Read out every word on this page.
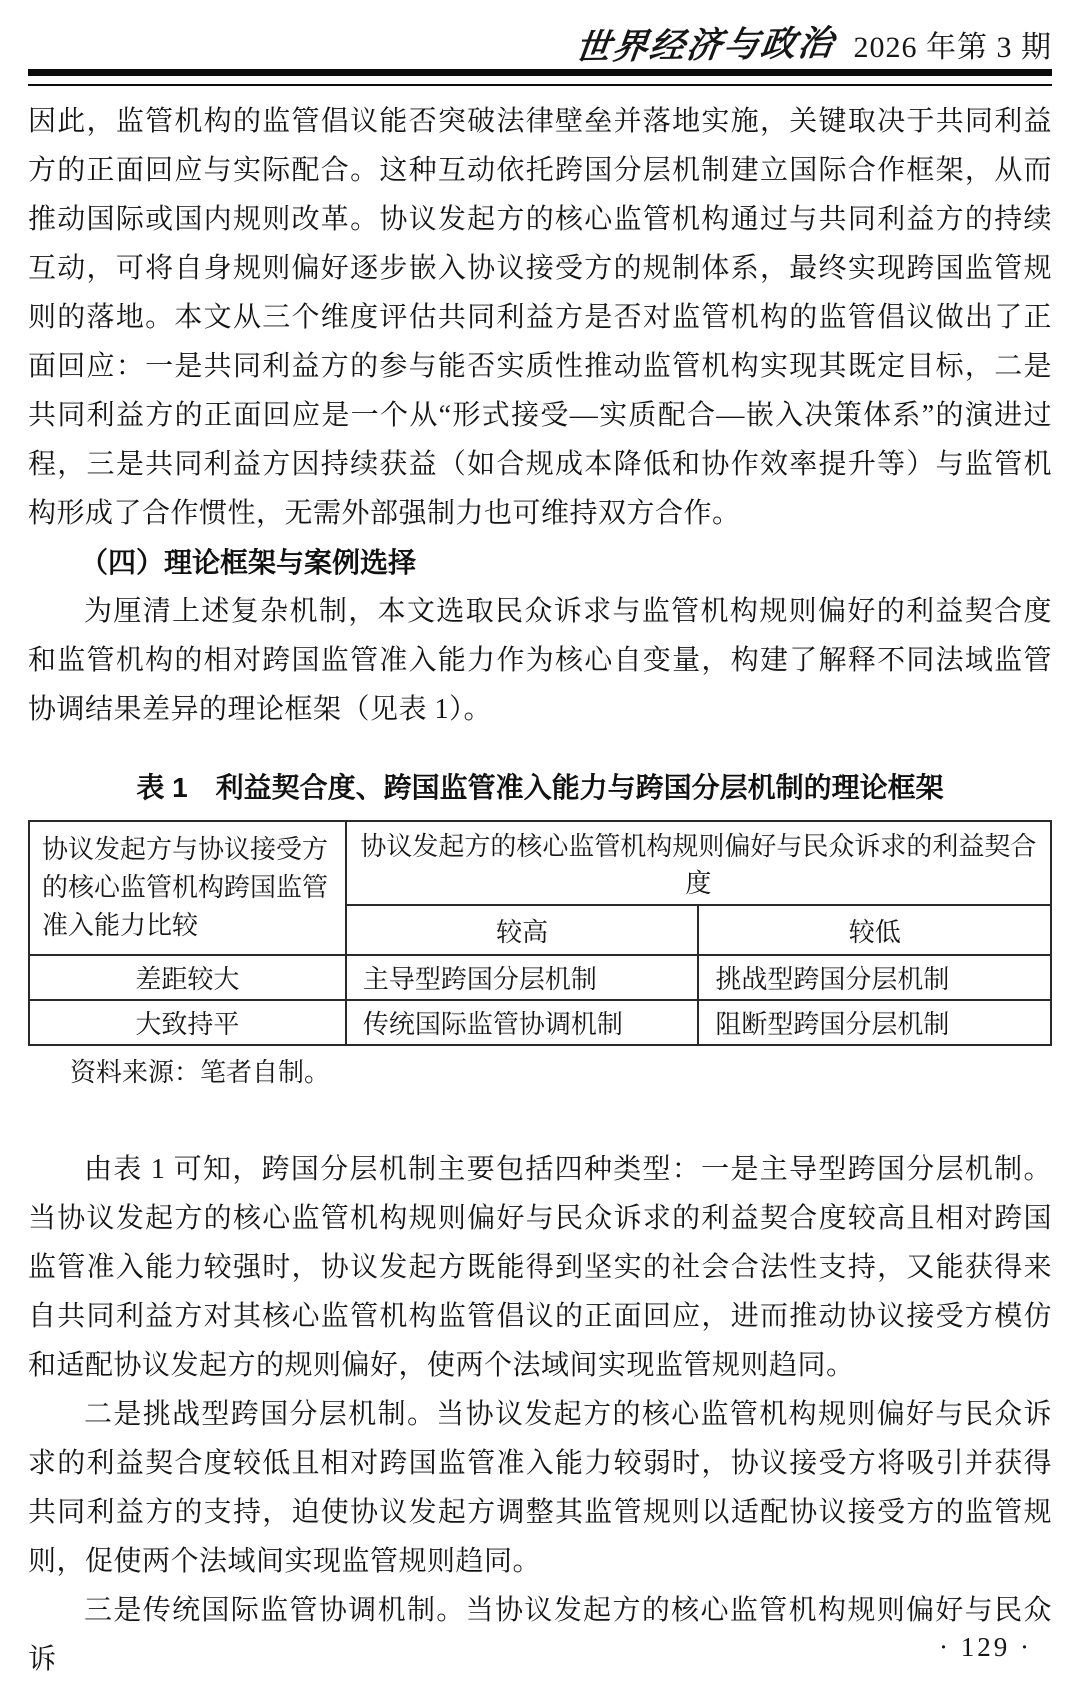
世界经济与政治 2026 年第 3 期

因此，监管机构的监管倡议能否突破法律壁垒并落地实施，关键取决于共同利益方的正面回应与实际配合。这种互动依托跨国分层机制建立国际合作框架，从而推动国际或国内规则改革。协议发起方的核心监管机构通过与共同利益方的持续互动，可将自身规则偏好逐步嵌入协议接受方的规制体系，最终实现跨国监管规则的落地。本文从三个维度评估共同利益方是否对监管机构的监管倡议做出了正面回应：一是共同利益方的参与能否实质性推动监管机构实现其既定目标，二是共同利益方的正面回应是一个从“形式接受—实质配合—嵌入决策体系”的演进过程，三是共同利益方因持续获益（如合规成本降低和协作效率提升等）与监管机构形成了合作惯性，无需外部强制力也可维持双方合作。

（四）理论框架与案例选择

为厘清上述复杂机制，本文选取民众诉求与监管机构规则偏好的利益契合度和监管机构的相对跨国监管准入能力作为核心自变量，构建了解释不同法域监管协调结果差异的理论框架（见表 1）。

表 1　利益契合度、跨国监管准入能力与跨国分层机制的理论框架
协议发起方与协议接受方的核心监管机构跨国监管准入能力比较	协议发起方的核心监管机构规则偏好与民众诉求的利益契合度	
	较高	较低
差距较大	主导型跨国分层机制	挑战型跨国分层机制
大致持平	传统国际监管协调机制	阻断型跨国分层机制
资料来源：笔者自制。

由表 1 可知，跨国分层机制主要包括四种类型：一是主导型跨国分层机制。当协议发起方的核心监管机构规则偏好与民众诉求的利益契合度较高且相对跨国监管准入能力较强时，协议发起方既能得到坚实的社会合法性支持，又能获得来自共同利益方对其核心监管机构监管倡议的正面回应，进而推动协议接受方模仿和适配协议发起方的规则偏好，使两个法域间实现监管规则趋同。

二是挑战型跨国分层机制。当协议发起方的核心监管机构规则偏好与民众诉求的利益契合度较低且相对跨国监管准入能力较弱时，协议接受方将吸引并获得共同利益方的支持，迫使协议发起方调整其监管规则以适配协议接受方的监管规则，促使两个法域间实现监管规则趋同。

三是传统国际监管协调机制。当协议发起方的核心监管机构规则偏好与民众诉	· 129 ·
